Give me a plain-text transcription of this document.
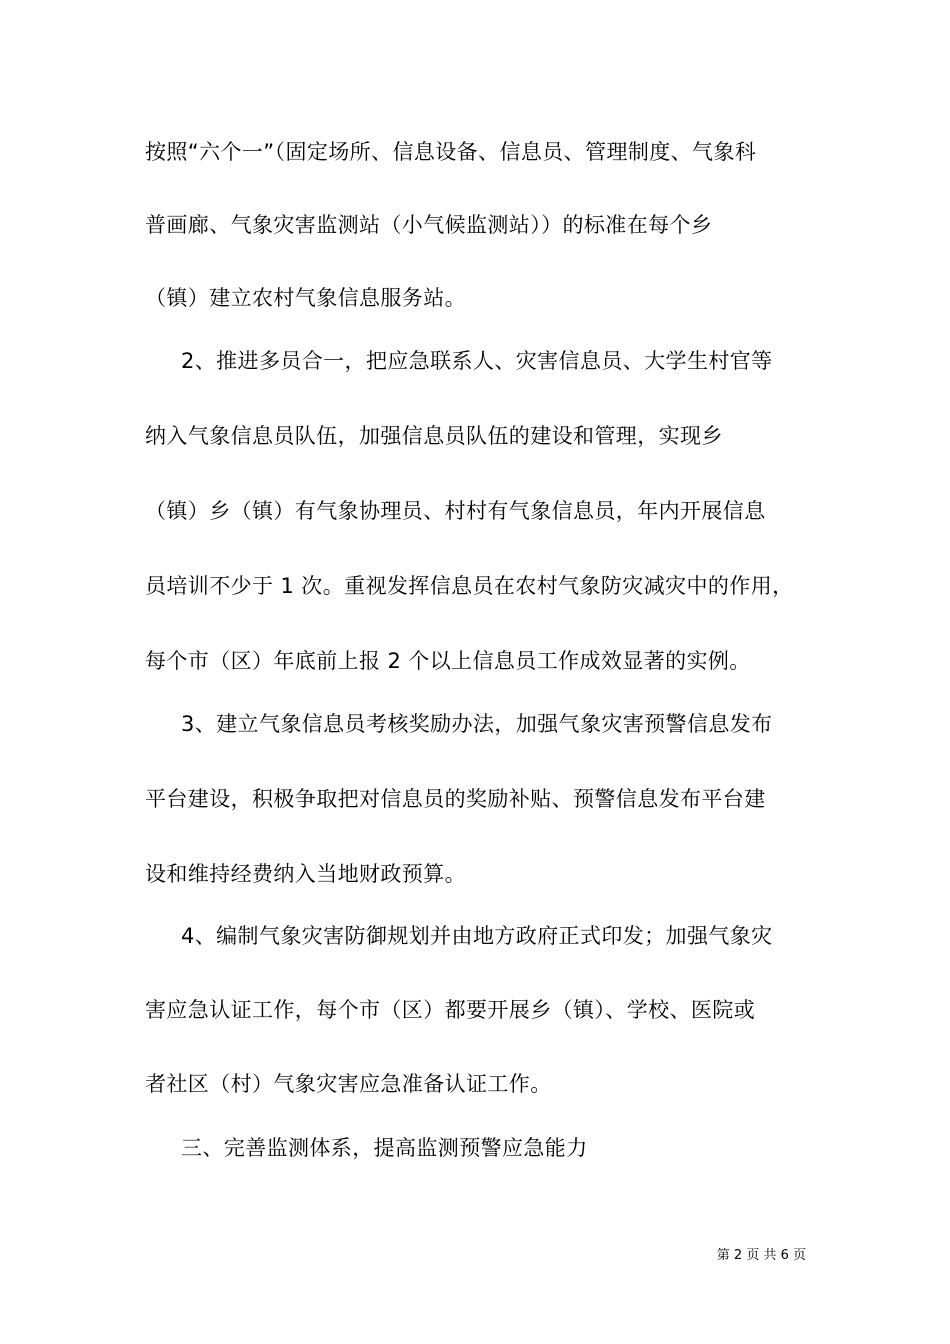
按照“六个一”（固定场所、信息设备、信息员、管理制度、气象科
普画廊、气象灾害监测站（小气候监测站））的标准在每个乡
（镇）建立农村气象信息服务站。
2、推进多员合一，把应急联系人、灾害信息员、大学生村官等
纳入气象信息员队伍，加强信息员队伍的建设和管理，实现乡
（镇）乡（镇）有气象协理员、村村有气象信息员，年内开展信息
员培训不少于 1 次。重视发挥信息员在农村气象防灾减灾中的作用，
每个市（区）年底前上报 2 个以上信息员工作成效显著的实例。
3、建立气象信息员考核奖励办法，加强气象灾害预警信息发布
平台建设，积极争取把对信息员的奖励补贴、预警信息发布平台建
设和维持经费纳入当地财政预算。
4、编制气象灾害防御规划并由地方政府正式印发；加强气象灾
害应急认证工作，每个市（区）都要开展乡（镇）、学校、医院或
者社区（村）气象灾害应急准备认证工作。
三、完善监测体系，提高监测预警应急能力
第 2 页 共 6 页
